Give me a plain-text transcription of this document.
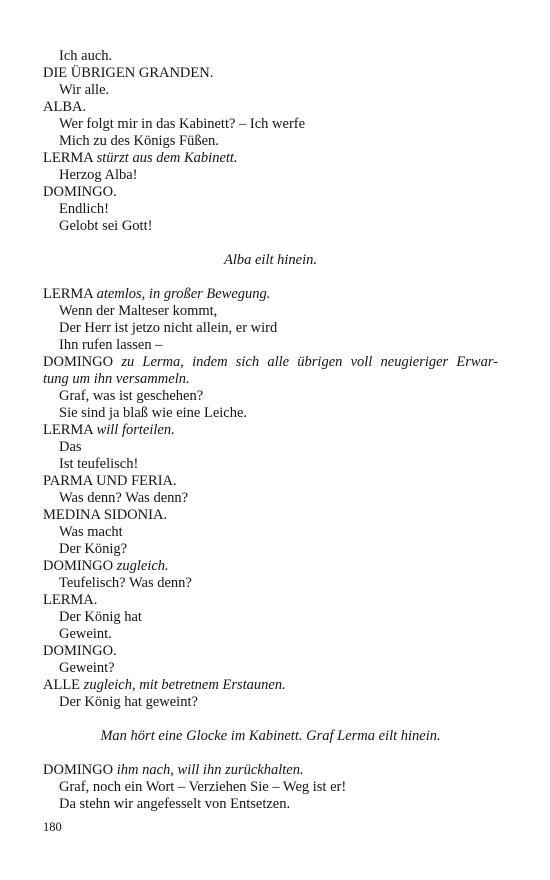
Ich auch.
DIE ÜBRIGEN GRANDEN.
Wir alle.
ALBA.
Wer folgt mir in das Kabinett? – Ich werfe
Mich zu des Königs Füßen.
LERMA stürzt aus dem Kabinett.
Herzog Alba!
DOMINGO.
Endlich!
Gelobt sei Gott!
Alba eilt hinein.
LERMA atemlos, in großer Bewegung.
Wenn der Malteser kommt,
Der Herr ist jetzo nicht allein, er wird
Ihn rufen lassen –
DOMINGO zu Lerma, indem sich alle übrigen voll neugieriger Erwar-
tung um ihn versammeln.
Graf, was ist geschehen?
Sie sind ja blaß wie eine Leiche.
LERMA will forteilen.
Das
Ist teufelisch!
PARMA UND FERIA.
Was denn? Was denn?
MEDINA SIDONIA.
Was macht
Der König?
DOMINGO zugleich.
Teufelisch? Was denn?
LERMA.
Der König hat
Geweint.
DOMINGO.
Geweint?
ALLE zugleich, mit betretnem Erstaunen.
Der König hat geweint?
Man hört eine Glocke im Kabinett. Graf Lerma eilt hinein.
DOMINGO ihm nach, will ihn zurückhalten.
Graf, noch ein Wort – Verziehen Sie – Weg ist er!
Da stehn wir angefesselt von Entsetzen.
180
